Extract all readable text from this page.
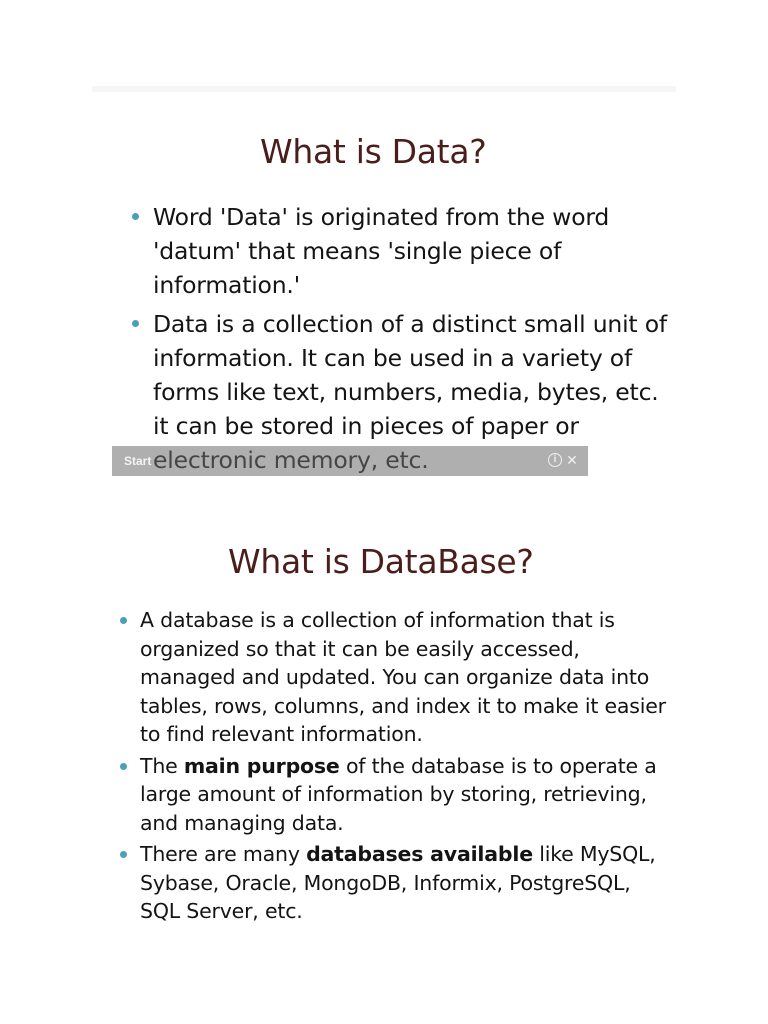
What is Data?
Word 'Data' is originated from the word 'datum' that means 'single piece of information.'
Data is a collection of a distinct small unit of information. It can be used in a variety of forms like text, numbers, media, bytes, etc. it can be stored in pieces of paper or
Start	i ✕
What is DataBase?
A database is a collection of information that is organized so that it can be easily accessed, managed and updated. You can organize data into tables, rows, columns, and index it to make it easier to find relevant information.
The main purpose of the database is to operate a large amount of information by storing, retrieving, and managing data.
There are many databases available like MySQL, Sybase, Oracle, MongoDB, Informix, PostgreSQL, SQL Server, etc.
